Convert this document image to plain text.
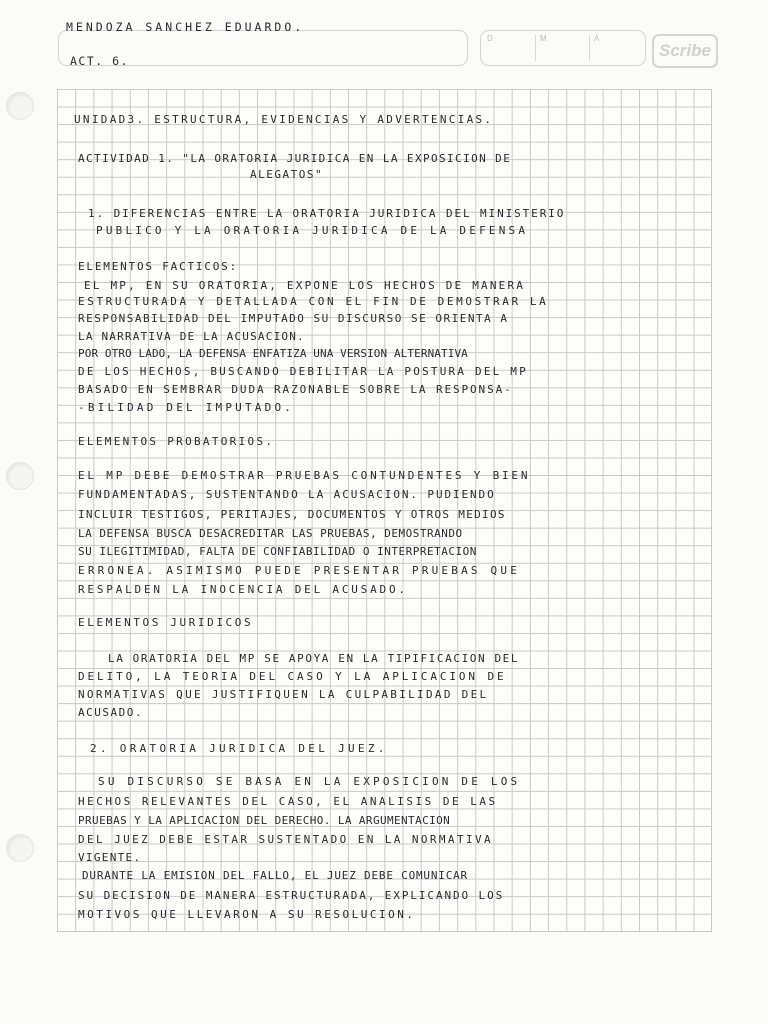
MENDOZA SANCHEZ EDUARDO.
ACT. 6.
D	M	A
Scribe
UNIDAD3. ESTRUCTURA, EVIDENCIAS Y ADVERTENCIAS.
ACTIVIDAD 1. "LA ORATORIA JURIDICA EN LA EXPOSICION DE
ALEGATOS"
1. DIFERENCIAS ENTRE LA ORATORIA JURIDICA DEL MINISTERIO
PUBLICO Y LA ORATORIA JURIDICA DE LA DEFENSA
ELEMENTOS FACTICOS:
EL MP, EN SU ORATORIA, EXPONE LOS HECHOS DE MANERA
ESTRUCTURADA Y DETALLADA CON EL FIN DE DEMOSTRAR LA
RESPONSABILIDAD DEL IMPUTADO SU DISCURSO SE ORIENTA A
LA NARRATIVA DE LA ACUSACION.
POR OTRO LADO, LA DEFENSA ENFATIZA UNA VERSION ALTERNATIVA
DE LOS HECHOS, BUSCANDO DEBILITAR LA POSTURA DEL MP
BASADO EN SEMBRAR DUDA RAZONABLE SOBRE LA RESPONSA-
-BILIDAD DEL IMPUTADO.
ELEMENTOS PROBATORIOS.
EL MP DEBE DEMOSTRAR PRUEBAS CONTUNDENTES Y BIEN
FUNDAMENTADAS, SUSTENTANDO LA ACUSACION. PUDIENDO
INCLUIR TESTIGOS, PERITAJES, DOCUMENTOS Y OTROS MEDIOS
LA DEFENSA BUSCA DESACREDITAR LAS PRUEBAS, DEMOSTRANDO
SU ILEGITIMIDAD, FALTA DE CONFIABILIDAD O INTERPRETACION
ERRONEA. ASIMISMO PUEDE PRESENTAR PRUEBAS QUE
RESPALDEN LA INOCENCIA DEL ACUSADO.
ELEMENTOS JURIDICOS
LA ORATORIA DEL MP SE APOYA EN LA TIPIFICACION DEL
DELITO, LA TEORIA DEL CASO Y LA APLICACION DE
NORMATIVAS QUE JUSTIFIQUEN LA CULPABILIDAD DEL
ACUSADO.
2. ORATORIA JURIDICA DEL JUEZ.
SU DISCURSO SE BASA EN LA EXPOSICION DE LOS
HECHOS RELEVANTES DEL CASO, EL ANALISIS DE LAS
PRUEBAS Y LA APLICACION DEL DERECHO. LA ARGUMENTACION
DEL JUEZ DEBE ESTAR SUSTENTADO EN LA NORMATIVA
VIGENTE.
DURANTE LA EMISION DEL FALLO, EL JUEZ DEBE COMUNICAR
SU DECISION DE MANERA ESTRUCTURADA, EXPLICANDO LOS
MOTIVOS QUE LLEVARON A SU RESOLUCION.
